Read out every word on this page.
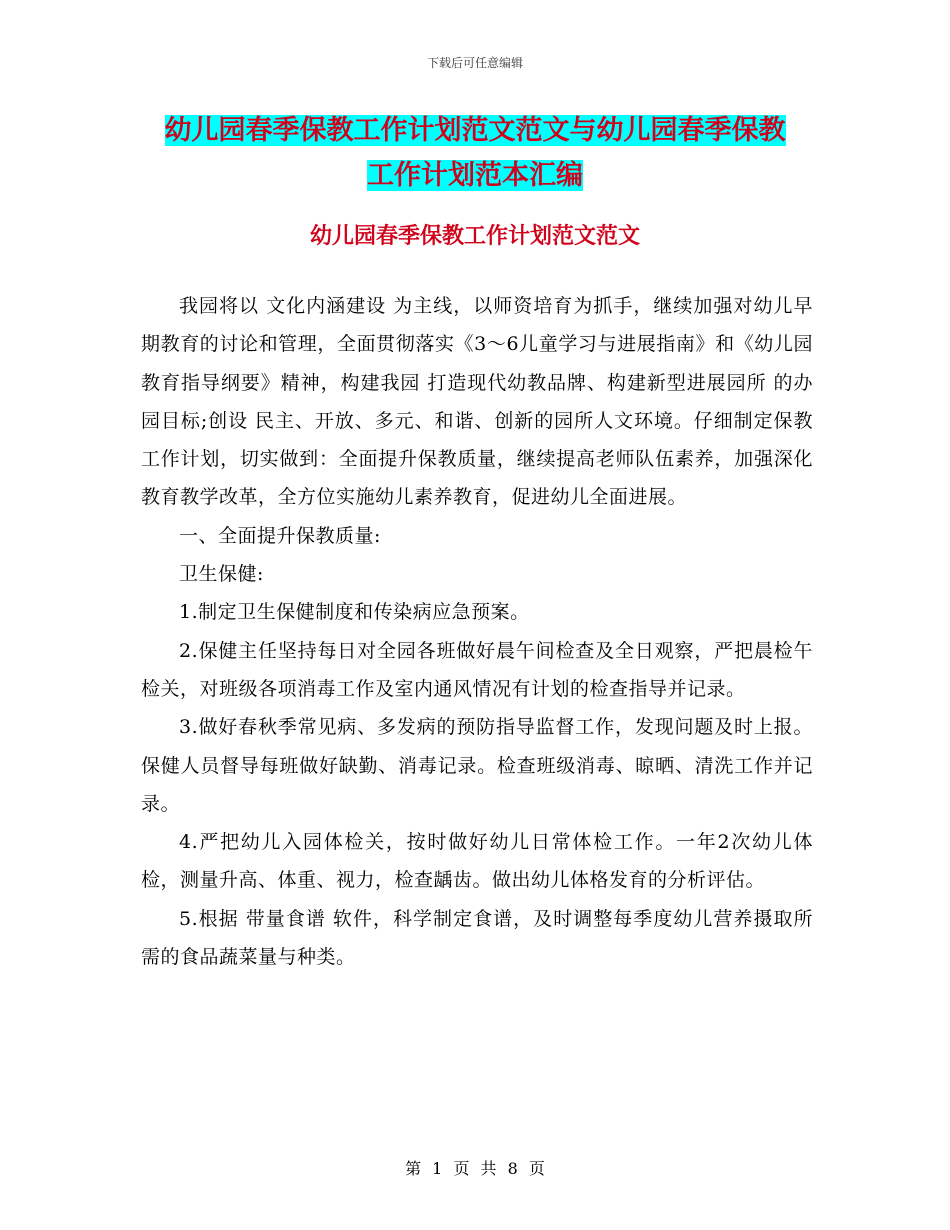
下载后可任意编辑
幼儿园春季保教工作计划范文范文与幼儿园春季保教
工作计划范本汇编
幼儿园春季保教工作计划范文范文

我园将以 文化内涵建设 为主线，以师资培育为抓手，继续加强对幼儿早期教育的讨论和管理，全面贯彻落实《3～6儿童学习与进展指南》和《幼儿园教育指导纲要》精神，构建我园 打造现代幼教品牌、构建新型进展园所 的办园目标;创设 民主、开放、多元、和谐、创新的园所人文环境。仔细制定保教工作计划，切实做到：全面提升保教质量，继续提高老师队伍素养，加强深化教育教学改革，全方位实施幼儿素养教育，促进幼儿全面进展。

一、全面提升保教质量:

卫生保健:

1.制定卫生保健制度和传染病应急预案。

2.保健主任坚持每日对全园各班做好晨午间检查及全日观察，严把晨检午检关，对班级各项消毒工作及室内通风情况有计划的检查指导并记录。

3.做好春秋季常见病、多发病的预防指导监督工作，发现问题及时上报。保健人员督导每班做好缺勤、消毒记录。检查班级消毒、晾晒、清洗工作并记录。

4.严把幼儿入园体检关，按时做好幼儿日常体检工作。一年2次幼儿体检，测量升高、体重、视力，检查龋齿。做出幼儿体格发育的分析评估。

5.根据 带量食谱 软件，科学制定食谱，及时调整每季度幼儿营养摄取所需的食品蔬菜量与种类。

第 1 页 共 8 页
